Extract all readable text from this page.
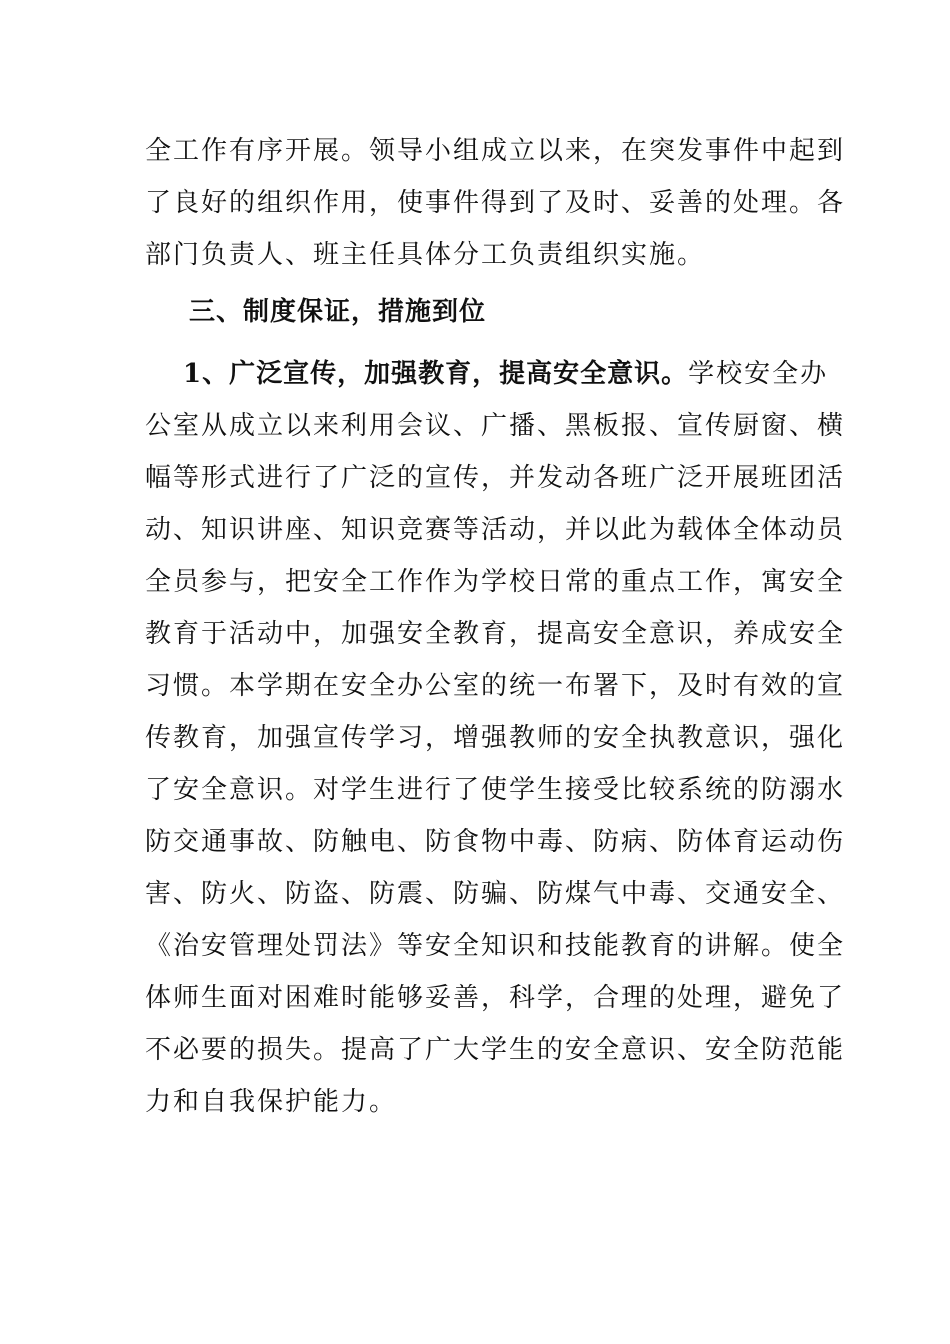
全工作有序开展。领导小组成立以来，在突发事件中起到
了良好的组织作用，使事件得到了及时、妥善的处理。各
部门负责人、班主任具体分工负责组织实施。
三、制度保证，措施到位
1、广泛宣传，加强教育，提高安全意识。学校安全办
公室从成立以来利用会议、广播、黑板报、宣传厨窗、横
幅等形式进行了广泛的宣传，并发动各班广泛开展班团活
动、知识讲座、知识竞赛等活动，并以此为载体全体动员
全员参与，把安全工作作为学校日常的重点工作，寓安全
教育于活动中，加强安全教育，提高安全意识，养成安全
习惯。本学期在安全办公室的统一布署下，及时有效的宣
传教育，加强宣传学习，增强教师的安全执教意识，强化
了安全意识。对学生进行了使学生接受比较系统的防溺水
防交通事故、防触电、防食物中毒、防病、防体育运动伤
害、防火、防盗、防震、防骗、防煤气中毒、交通安全、
《治安管理处罚法》等安全知识和技能教育的讲解。使全
体师生面对困难时能够妥善，科学，合理的处理，避免了
不必要的损失。提高了广大学生的安全意识、安全防范能
力和自我保护能力。
